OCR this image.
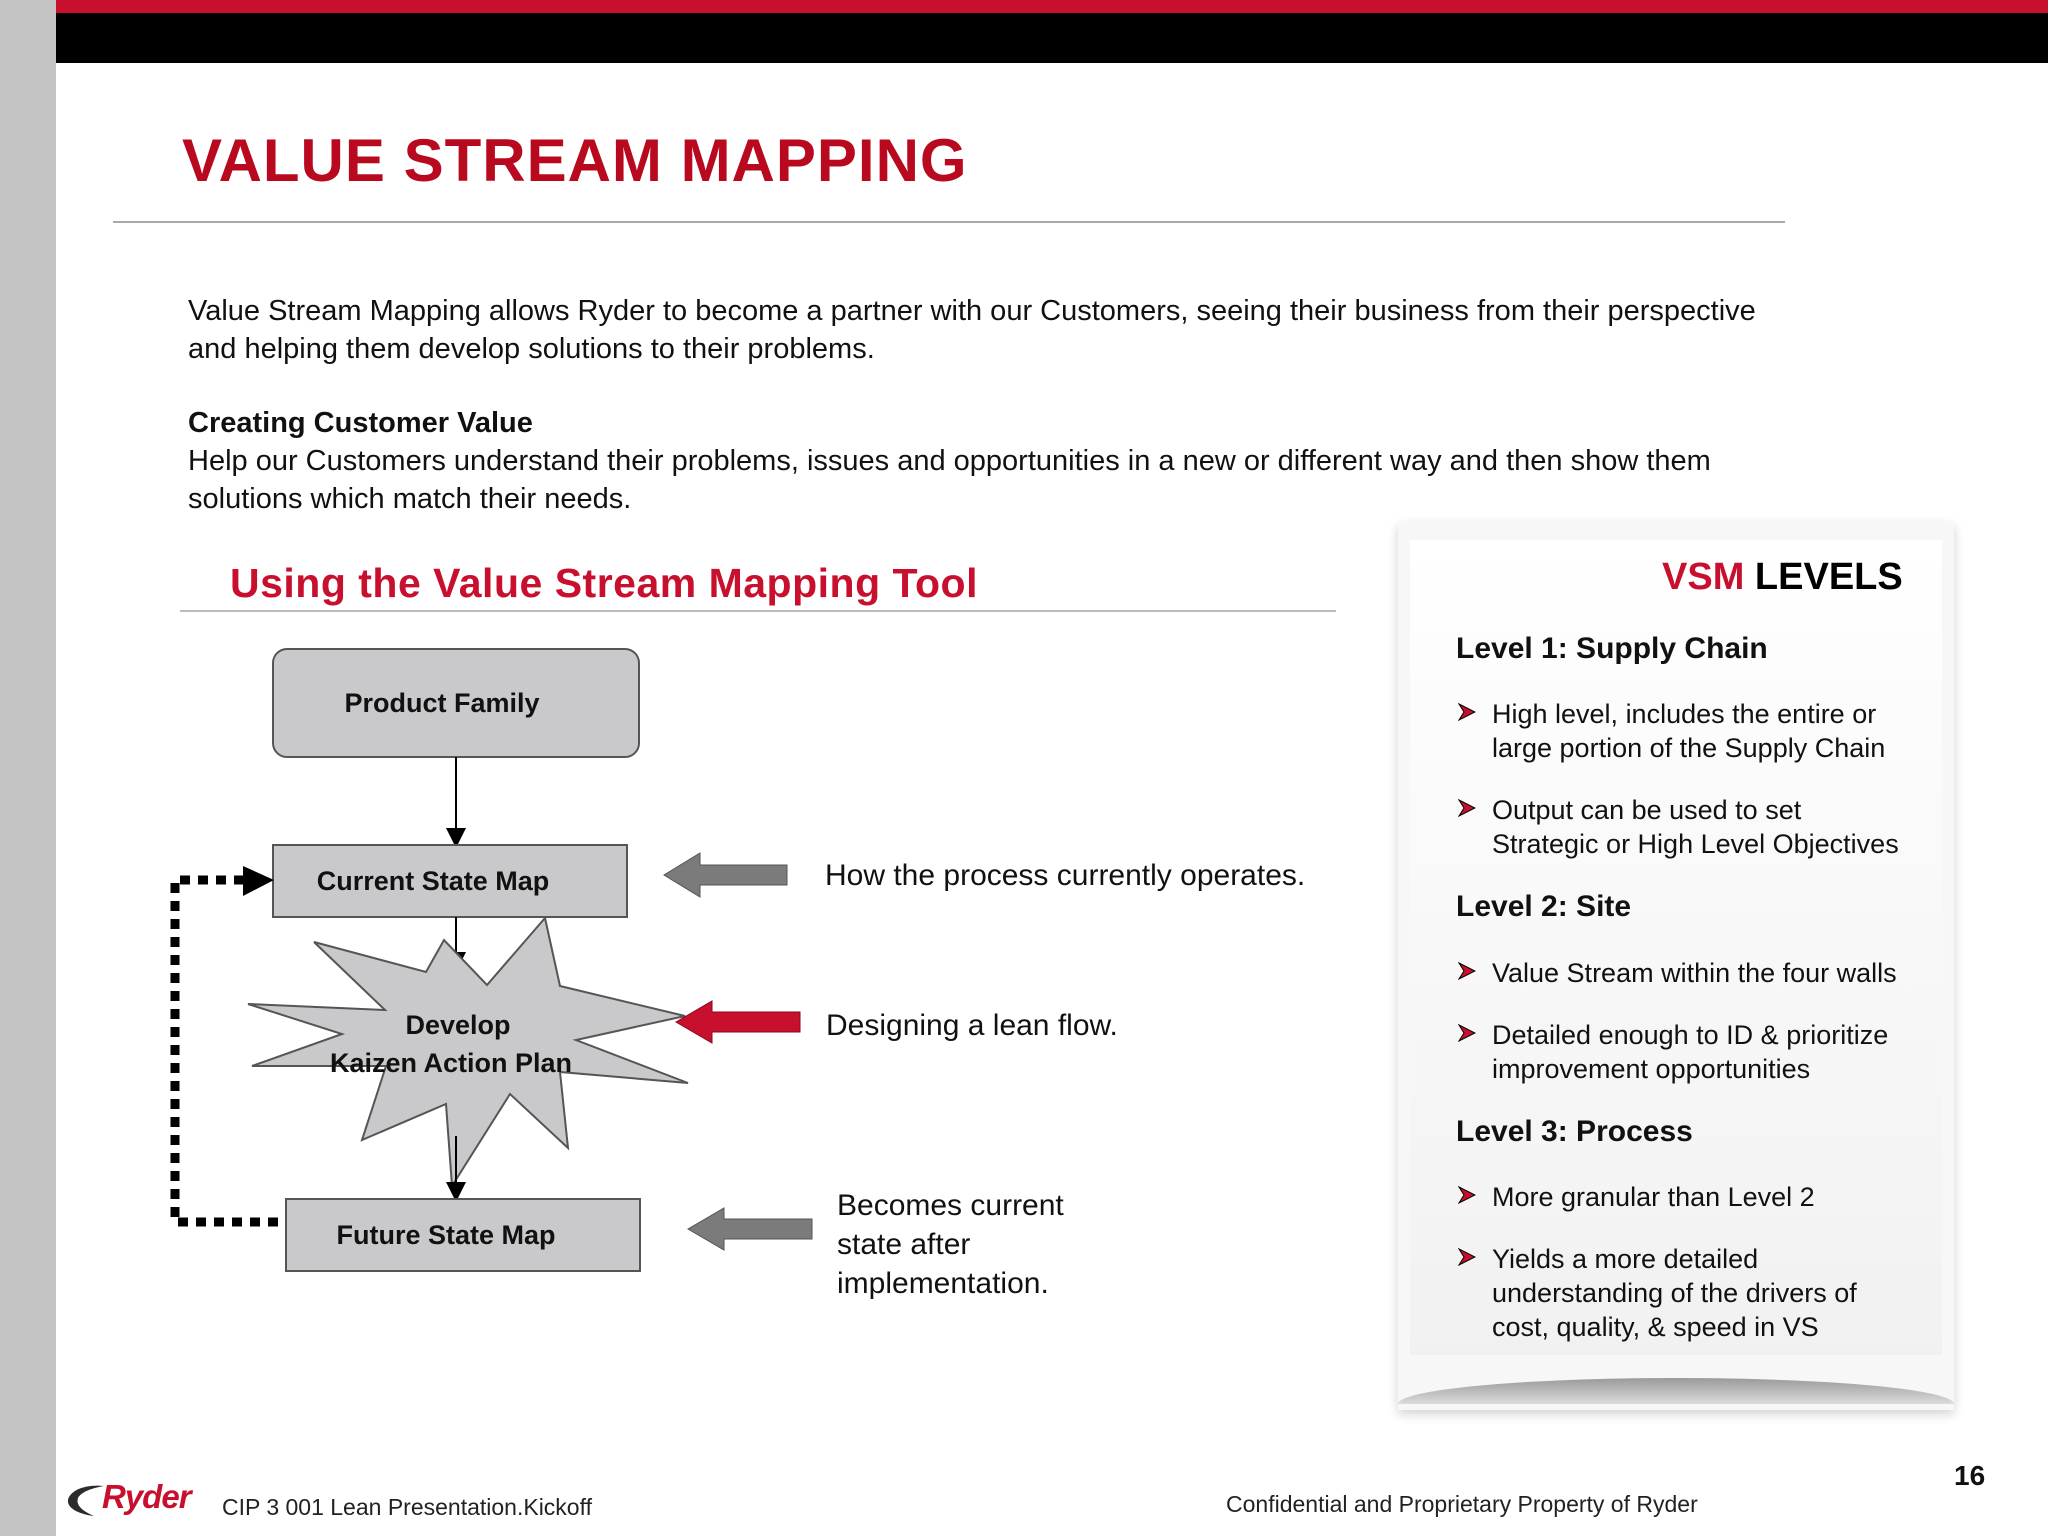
VALUE STREAM MAPPING
Value Stream Mapping allows Ryder to become a partner with our Customers, seeing their business from their perspective
and helping them develop solutions to their problems.
Creating Customer Value
Help our Customers understand their problems, issues and opportunities in a new or different way and then show them
solutions which match their needs.
Using the Value Stream Mapping Tool
Product Family
Current State Map
Develop
Kaizen Action Plan
Future State Map
How the process currently operates.
Designing a lean flow.
Becomes current
state after
implementation.
VSM LEVELS
Level 1: Supply Chain
High level, includes the entire or
large portion of the Supply Chain
Output can be used to set
Strategic or High Level Objectives
Level 2: Site
Value Stream within the four walls
Detailed enough to ID & prioritize
improvement opportunities
Level 3: Process
More granular than Level 2
Yields a more detailed
understanding of the drivers of
cost, quality, & speed in VS
Ryder CIP 3 001 Lean Presentation.Kickoff	Confidential and Proprietary Property of Ryder
16
